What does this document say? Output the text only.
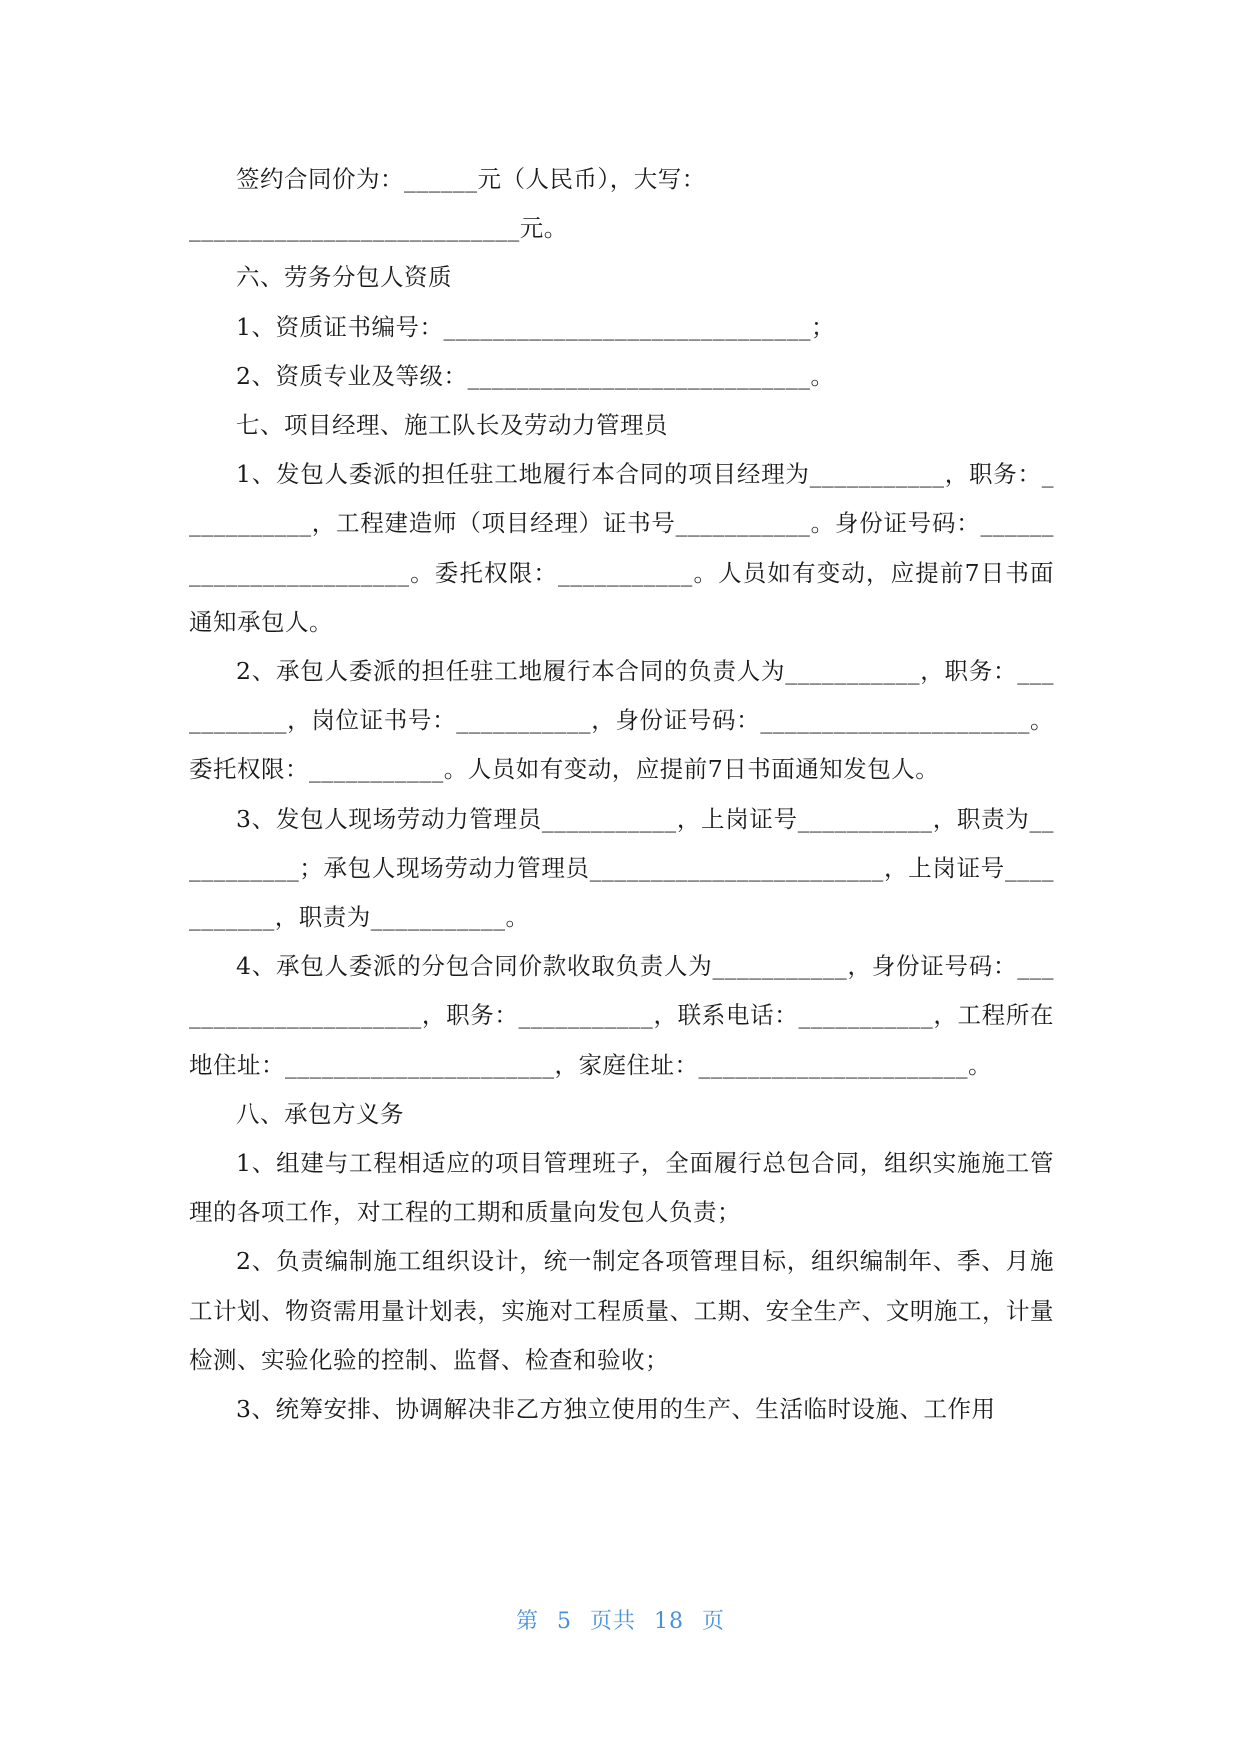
签约合同价为：______元（人民币），大写：

___________________________元。

六、劳务分包人资质

1、资质证书编号：______________________________；

2、资质专业及等级：____________________________。

七、项目经理、施工队长及劳动力管理员

1、发包人委派的担任驻工地履行本合同的项目经理为___________，职务：___________，工程建造师（项目经理）证书号___________。身份证号码：________________________。委托权限：___________。人员如有变动，应提前7日书面通知承包人。

2、承包人委派的担任驻工地履行本合同的负责人为___________，职务：___________，岗位证书号：___________，身份证号码：______________________。委托权限：___________。人员如有变动，应提前7日书面通知发包人。

3、发包人现场劳动力管理员___________，上岗证号___________，职责为___________；承包人现场劳动力管理员________________________，上岗证号___________，职责为___________。

4、承包人委派的分包合同价款收取负责人为___________，身份证号码：______________________，职务：___________，联系电话：___________，工程所在地住址：______________________，家庭住址：______________________。

八、承包方义务

1、组建与工程相适应的项目管理班子，全面履行总包合同，组织实施施工管理的各项工作，对工程的工期和质量向发包人负责；

2、负责编制施工组织设计，统一制定各项管理目标，组织编制年、季、月施工计划、物资需用量计划表，实施对工程质量、工期、安全生产、文明施工，计量检测、实验化验的控制、监督、检查和验收；

3、统筹安排、协调解决非乙方独立使用的生产、生活临时设施、工作用

第 5 页共 18 页
